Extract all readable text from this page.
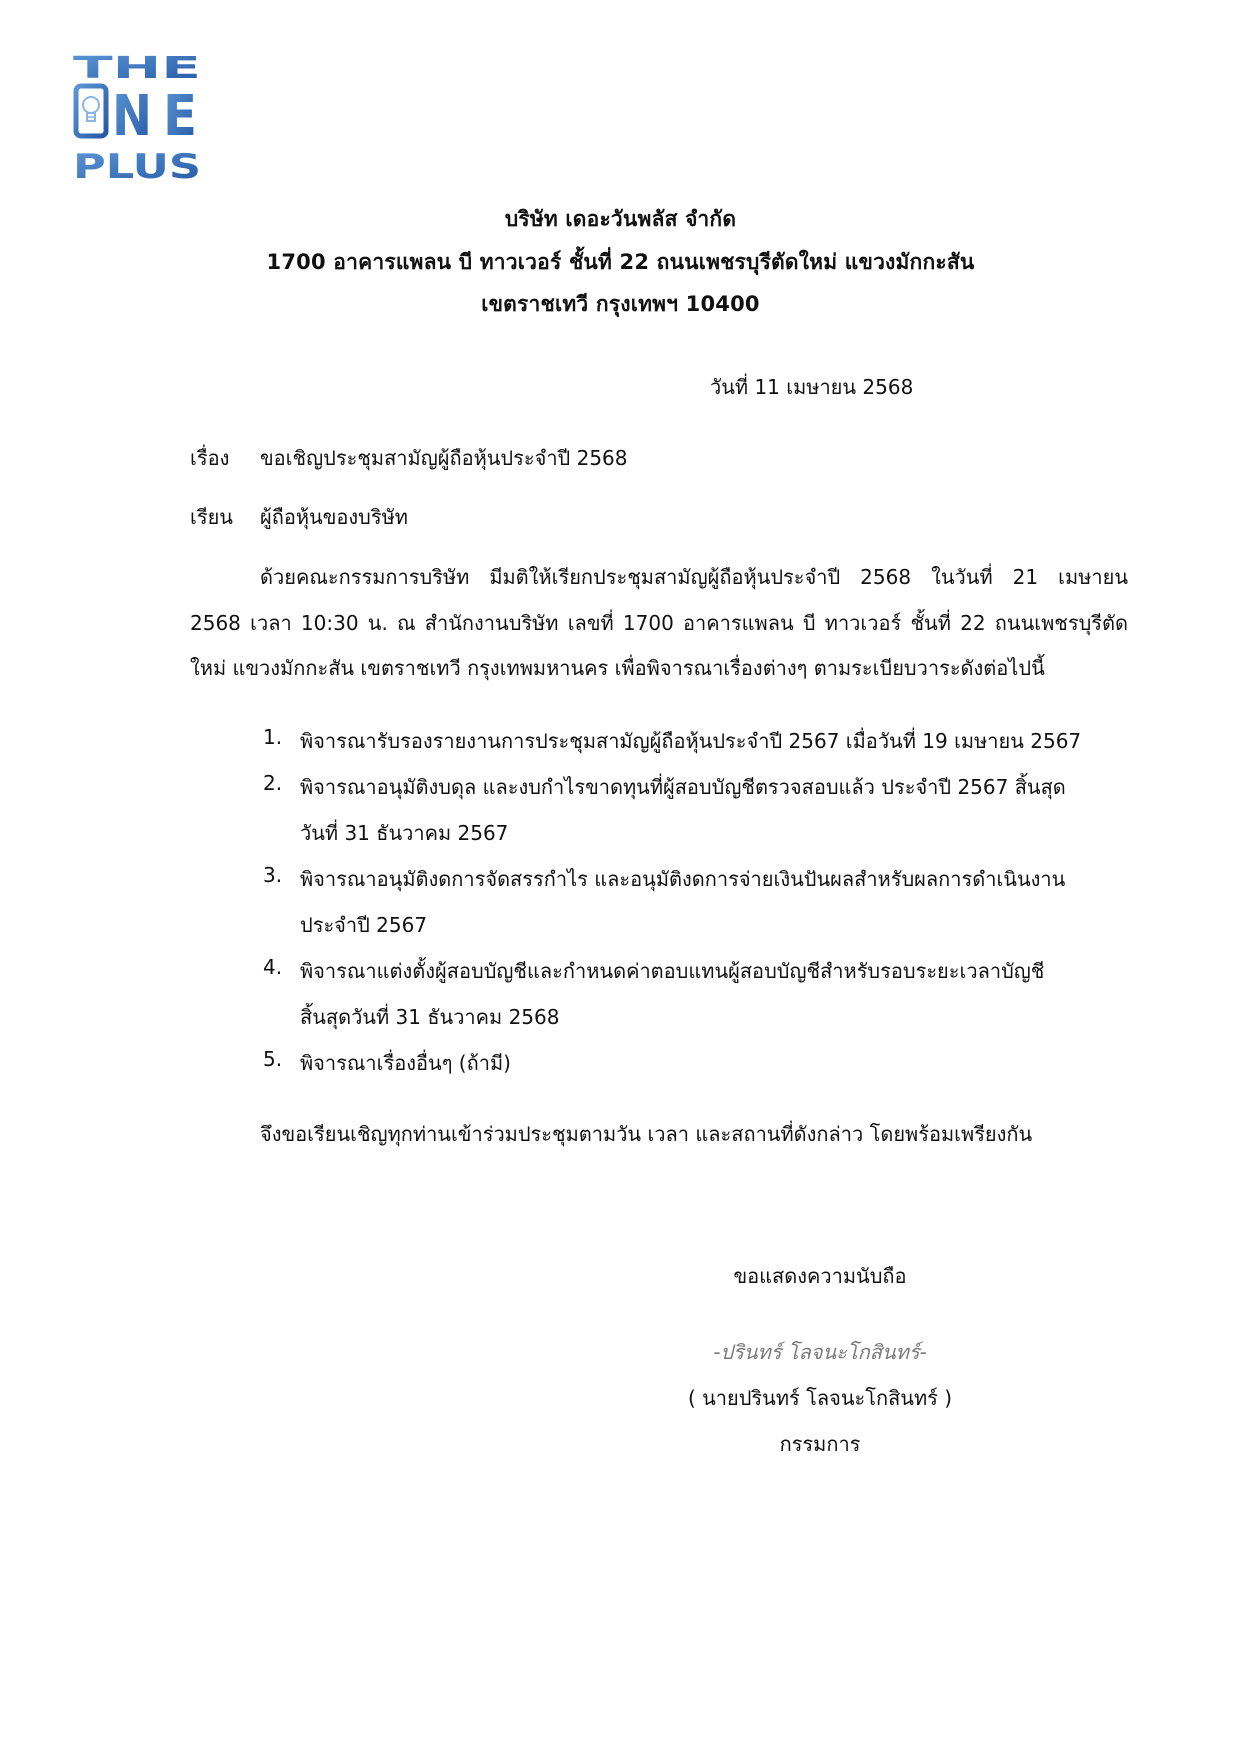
THE
N E
PLUS
บริษัท เดอะวันพลัส จำกัด
1700 อาคารแพลน บี ทาวเวอร์ ชั้นที่ 22 ถนนเพชรบุรีตัดใหม่ แขวงมักกะสัน
เขตราชเทวี กรุงเทพฯ 10400
วันที่ 11 เมษายน 2568
เรื่อง ขอเชิญประชุมสามัญผู้ถือหุ้นประจำปี 2568
เรียน ผู้ถือหุ้นของบริษัท
ด้วยคณะกรรมการบริษัท มีมติให้เรียกประชุมสามัญผู้ถือหุ้นประจำปี 2568 ในวันที่ 21 เมษายน
2568 เวลา 10:30 น. ณ สำนักงานบริษัท เลขที่ 1700 อาคารแพลน บี ทาวเวอร์ ชั้นที่ 22 ถนนเพชรบุรีตัด
ใหม่ แขวงมักกะสัน เขตราชเทวี กรุงเทพมหานคร เพื่อพิจารณาเรื่องต่างๆ ตามระเบียบวาระดังต่อไปนี้
1. พิจารณารับรองรายงานการประชุมสามัญผู้ถือหุ้นประจำปี 2567 เมื่อวันที่ 19 เมษายน 2567
2. พิจารณาอนุมัติงบดุล และงบกำไรขาดทุนที่ผู้สอบบัญชีตรวจสอบแล้ว ประจำปี 2567 สิ้นสุด
วันที่ 31 ธันวาคม 2567
3. พิจารณาอนุมัติงดการจัดสรรกำไร และอนุมัติงดการจ่ายเงินปันผลสำหรับผลการดำเนินงาน
ประจำปี 2567
4. พิจารณาแต่งตั้งผู้สอบบัญชีและกำหนดค่าตอบแทนผู้สอบบัญชีสำหรับรอบระยะเวลาบัญชี
สิ้นสุดวันที่ 31 ธันวาคม 2568
5. พิจารณาเรื่องอื่นๆ (ถ้ามี)
จึงขอเรียนเชิญทุกท่านเข้าร่วมประชุมตามวัน เวลา และสถานที่ดังกล่าว โดยพร้อมเพรียงกัน
ขอแสดงความนับถือ
-ปรินทร์ โลจนะโกสินทร์-
( นายปรินทร์ โลจนะโกสินทร์ )
กรรมการ
